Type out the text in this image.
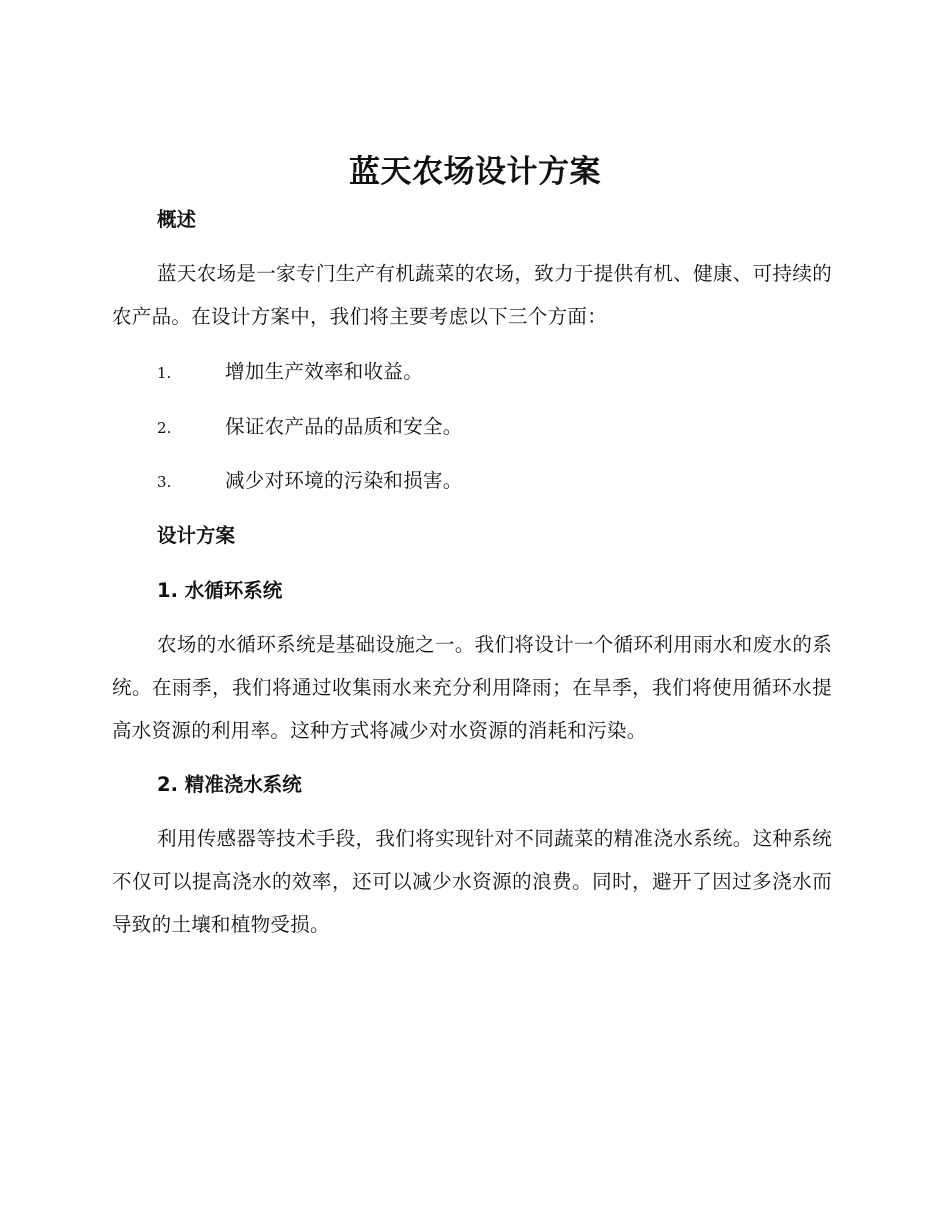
蓝天农场设计方案
概述

蓝天农场是一家专门生产有机蔬菜的农场，致力于提供有机、健康、可持续的农产品。在设计方案中，我们将主要考虑以下三个方面：

1.	增加生产效率和收益。
2.	保证农产品的品质和安全。
3.	减少对环境的污染和损害。
设计方案
1. 水循环系统

农场的水循环系统是基础设施之一。我们将设计一个循环利用雨水和废水的系统。在雨季，我们将通过收集雨水来充分利用降雨；在旱季，我们将使用循环水提高水资源的利用率。这种方式将减少对水资源的消耗和污染。

2. 精准浇水系统

利用传感器等技术手段，我们将实现针对不同蔬菜的精准浇水系统。这种系统不仅可以提高浇水的效率，还可以减少水资源的浪费。同时，避开了因过多浇水而导致的土壤和植物受损。
